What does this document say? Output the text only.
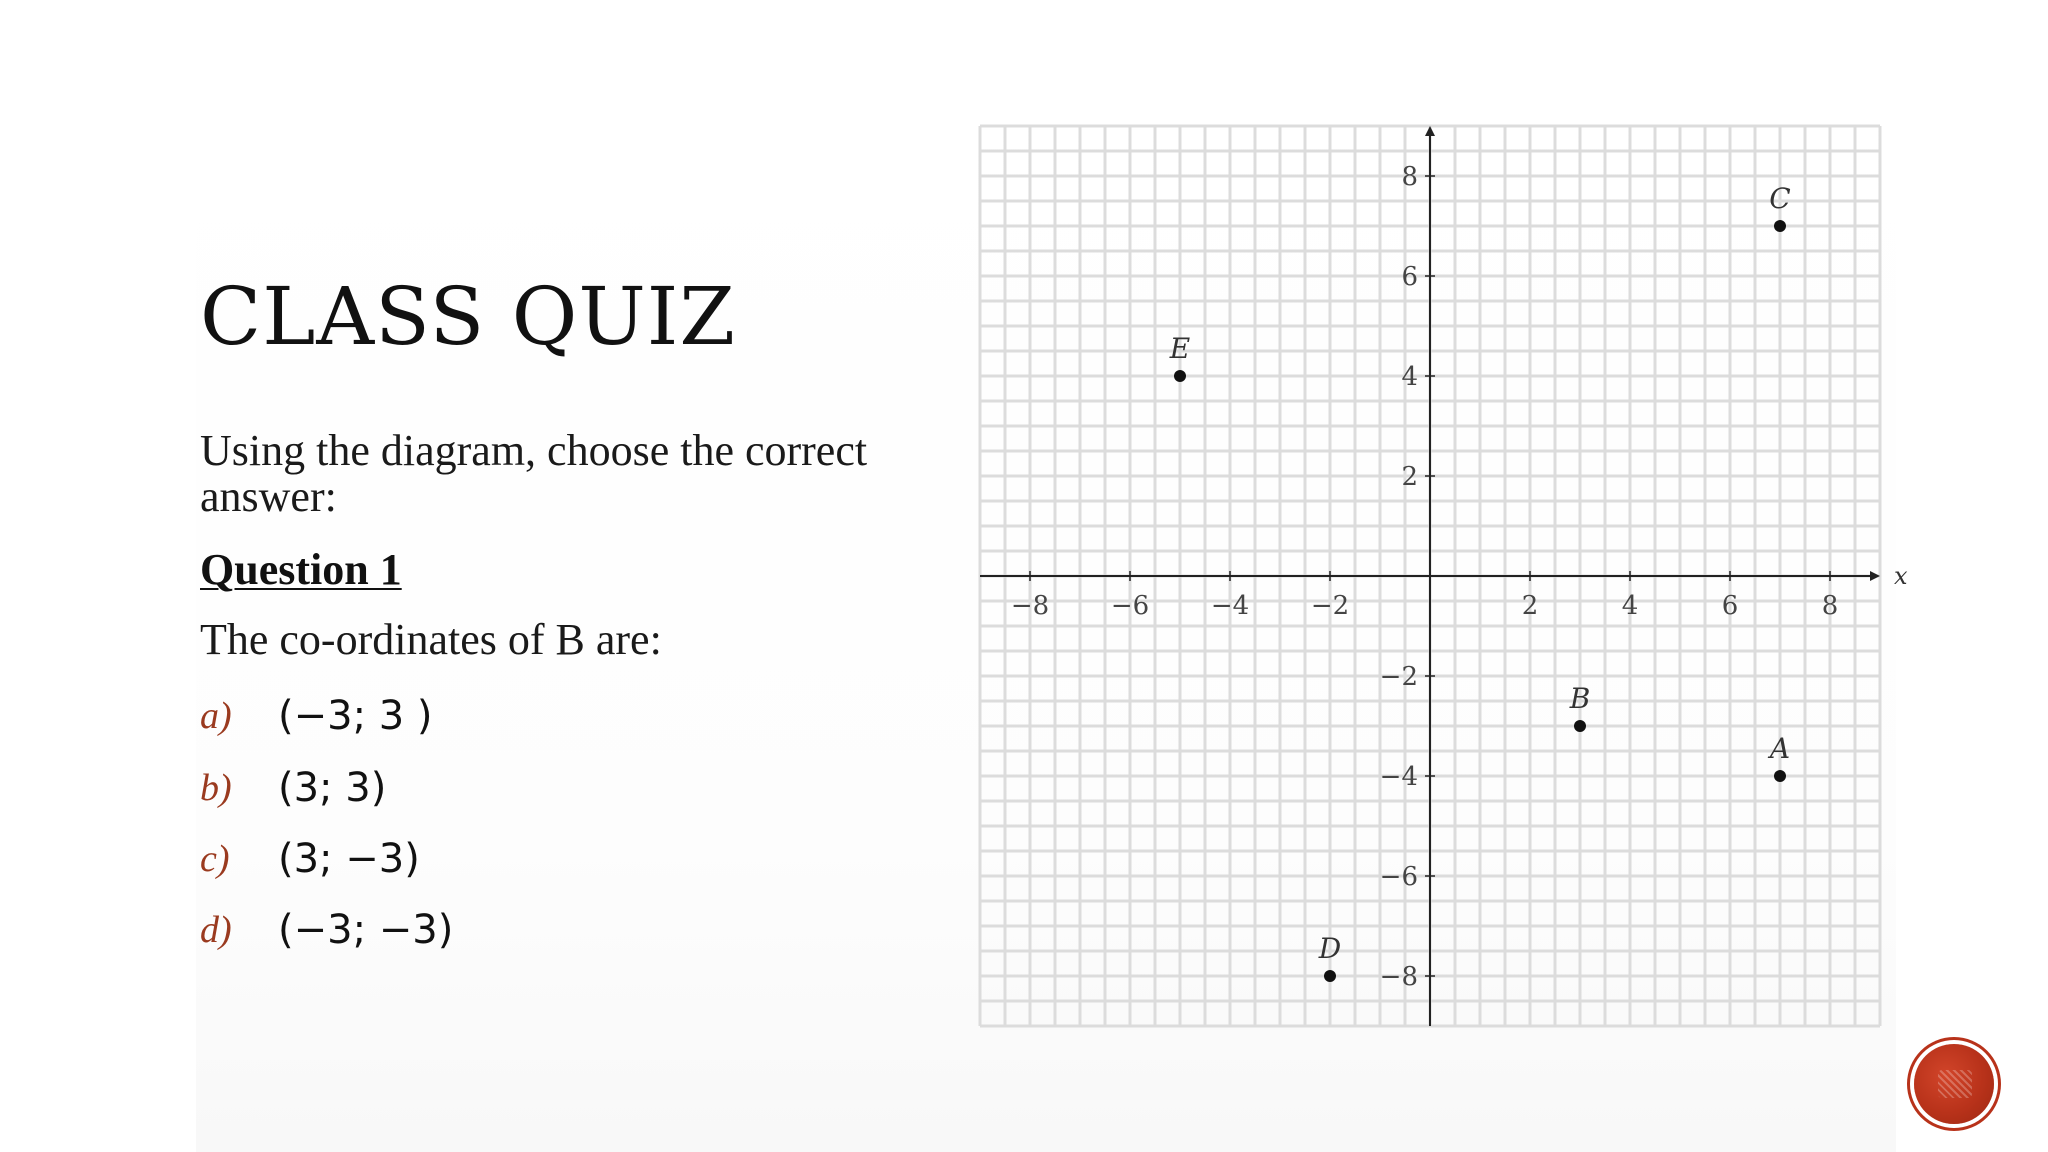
CLASS QUIZ
Using the diagram, choose the correct answer:
Question 1
The co-ordinates of B are:
a) (−3; 3 )
b) (3; 3)
c) (3; −3)
d) (−3; −3)
x
−8 −6 −4 −2	2	4	6	8
8
6
4
2
−2
−4
−6
−8
A
B
C
D
E
